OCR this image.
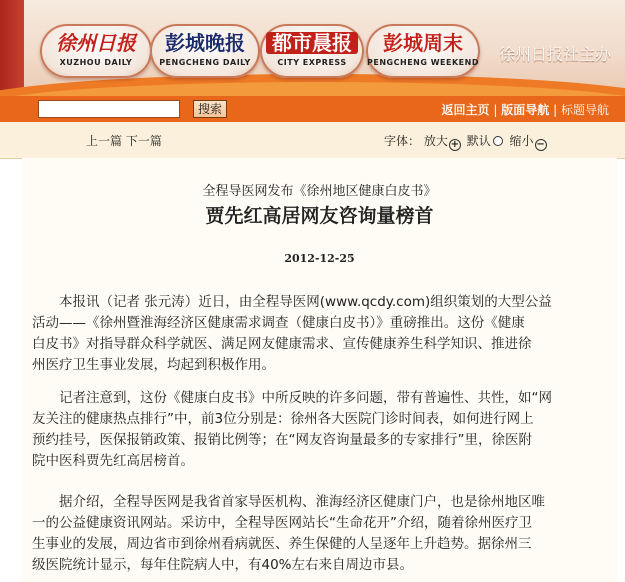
徐州日报
XUZHOU DAILY
彭城晚报
PENGCHENG DAILY
都市晨报
CITY EXPRESS
彭城周末
PENGCHENG WEEKEND	徐州日报社主办
搜索	返回主页 | 版面导航 | 标题导航
上一篇 下一篇	字体： 放大 + 默认 缩小 −
全程导医网发布《徐州地区健康白皮书》
贾先红高居网友咨询量榜首
2012-12-25

本报讯（记者 张元涛）近日，由全程导医网(www.qcdy.com)组织策划的大型公益
活动——《徐州暨淮海经济区健康需求调查（健康白皮书）》重磅推出。这份《健康
白皮书》对指导群众科学就医、满足网友健康需求、宣传健康养生科学知识、推进徐
州医疗卫生事业发展，均起到积极作用。

记者注意到，这份《健康白皮书》中所反映的许多问题，带有普遍性、共性，如“网
友关注的健康热点排行”中，前3位分别是：徐州各大医院门诊时间表，如何进行网上
预约挂号，医保报销政策、报销比例等；在“网友咨询量最多的专家排行”里，徐医附
院中医科贾先红高居榜首。

据介绍，全程导医网是我省首家导医机构、淮海经济区健康门户，也是徐州地区唯
一的公益健康资讯网站。采访中，全程导医网站长“生命花开”介绍，随着徐州医疗卫
生事业的发展，周边省市到徐州看病就医、养生保健的人呈逐年上升趋势。据徐州三
级医院统计显示，每年住院病人中，有40%左右来自周边市县。
